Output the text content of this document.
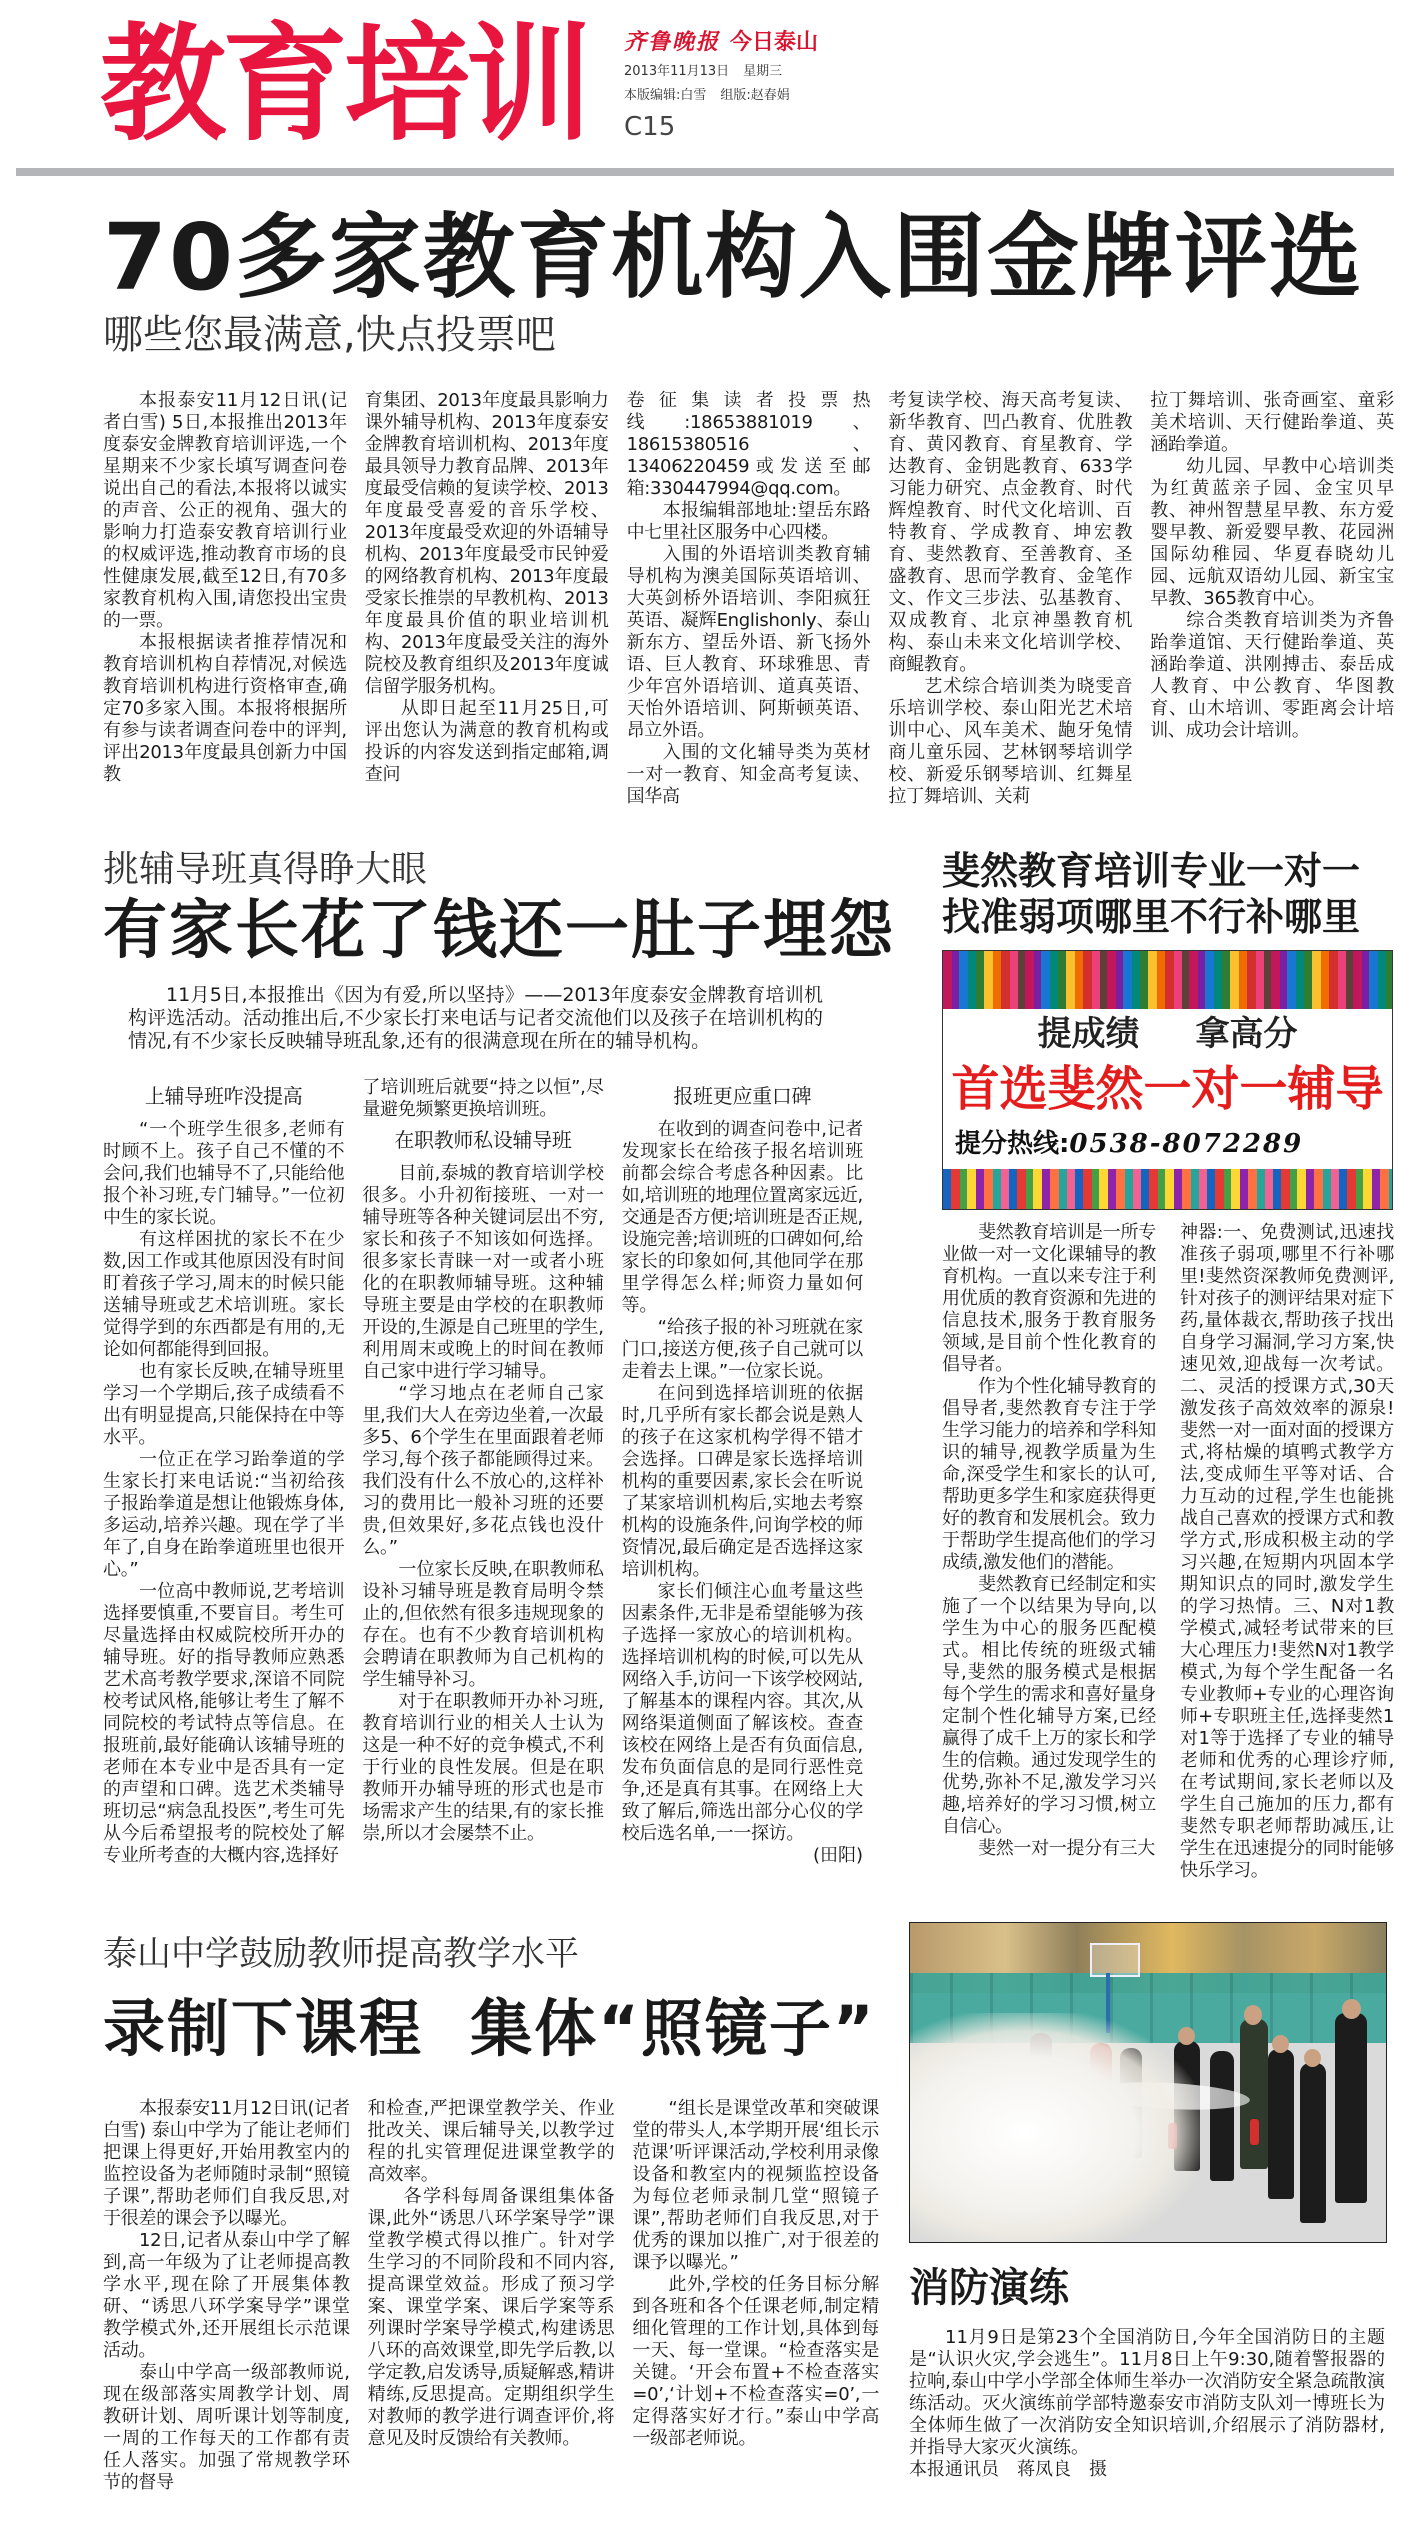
教育培训 齐鲁晚报 今日泰山
2013年11月13日 星期三
本版编辑:白雪 组版:赵春娟
C15
70多家教育机构入围金牌评选
哪些您最满意,快点投票吧

本报泰安11月12日讯(记者白雪) 5日,本报推出2013年度泰安金牌教育培训评选,一个星期来不少家长填写调查问卷说出自己的看法,本报将以诚实的声音、公正的视角、强大的影响力打造泰安教育培训行业的权威评选,推动教育市场的良性健康发展,截至12日,有70多家教育机构入围,请您投出宝贵的一票。

本报根据读者推荐情况和教育培训机构自荐情况,对候选教育培训机构进行资格审查,确定70多家入围。本报将根据所有参与读者调查问卷中的评判,评出2013年度最具创新力中国教

育集团、2013年度最具影响力课外辅导机构、2013年度泰安金牌教育培训机构、2013年度最具领导力教育品牌、2013年度最受信赖的复读学校、2013年度最受喜爱的音乐学校、2013年度最受欢迎的外语辅导机构、2013年度最受市民钟爱的网络教育机构、2013年度最受家长推崇的早教机构、2013年度最具价值的职业培训机构、2013年度最受关注的海外院校及教育组织及2013年度诚信留学服务机构。

从即日起至11月25日,可评出您认为满意的教育机构或投诉的内容发送到指定邮箱,调查问

卷征集读者投票热线:18653881019、18615380516、13406220459或发送至邮箱:330447994@qq.com。

本报编辑部地址:望岳东路中七里社区服务中心四楼。

入围的外语培训类教育辅导机构为澳美国际英语培训、大英剑桥外语培训、李阳疯狂英语、凝辉Englishonly、泰山新东方、望岳外语、新飞扬外语、巨人教育、环球雅思、青少年宫外语培训、道真英语、天怡外语培训、阿斯顿英语、昂立外语。

入围的文化辅导类为英材一对一教育、知金高考复读、国华高

考复读学校、海天高考复读、新华教育、凹凸教育、优胜教育、黄冈教育、育星教育、学达教育、金钥匙教育、633学习能力研究、点金教育、时代辉煌教育、时代文化培训、百特教育、学成教育、坤宏教育、斐然教育、至善教育、圣盛教育、思而学教育、金笔作文、作文三步法、弘基教育、双成教育、北京神墨教育机构、泰山未来文化培训学校、商鲲教育。

艺术综合培训类为晓雯音乐培训学校、泰山阳光艺术培训中心、风车美术、龅牙兔情商儿童乐园、艺林钢琴培训学校、新爱乐钢琴培训、红舞星拉丁舞培训、关莉

拉丁舞培训、张奇画室、童彩美术培训、天行健跆拳道、英涵跆拳道。

幼儿园、早教中心培训类为红黄蓝亲子园、金宝贝早教、神州智慧星早教、东方爱婴早教、新爱婴早教、花园洲国际幼稚园、华夏春晓幼儿园、远航双语幼儿园、新宝宝早教、365教育中心。

综合类教育培训类为齐鲁跆拳道馆、天行健跆拳道、英涵跆拳道、洪刚搏击、泰岳成人教育、中公教育、华图教育、山木培训、零距离会计培训、成功会计培训。

挑辅导班真得睁大眼
有家长花了钱还一肚子埋怨

11月5日,本报推出《因为有爱,所以坚持》——2013年度泰安金牌教育培训机构评选活动。活动推出后,不少家长打来电话与记者交流他们以及孩子在培训机构的情况,有不少家长反映辅导班乱象,还有的很满意现在所在的辅导机构。

上辅导班咋没提高

“一个班学生很多,老师有时顾不上。孩子自己不懂的不会问,我们也辅导不了,只能给他报个补习班,专门辅导。”一位初中生的家长说。

有这样困扰的家长不在少数,因工作或其他原因没有时间盯着孩子学习,周末的时候只能送辅导班或艺术培训班。家长觉得学到的东西都是有用的,无论如何都能得到回报。

也有家长反映,在辅导班里学习一个学期后,孩子成绩看不出有明显提高,只能保持在中等水平。

一位正在学习跆拳道的学生家长打来电话说:“当初给孩子报跆拳道是想让他锻炼身体,多运动,培养兴趣。现在学了半年了,自身在跆拳道班里也很开心。”

一位高中教师说,艺考培训选择要慎重,不要盲目。考生可尽量选择由权威院校所开办的辅导班。好的指导教师应熟悉艺术高考教学要求,深谙不同院校考试风格,能够让考生了解不同院校的考试特点等信息。在报班前,最好能确认该辅导班的老师在本专业中是否具有一定的声望和口碑。选艺术类辅导班切忌“病急乱投医”,考生可先从今后希望报考的院校处了解专业所考查的大概内容,选择好

了培训班后就要“持之以恒”,尽量避免频繁更换培训班。

在职教师私设辅导班

目前,泰城的教育培训学校很多。小升初衔接班、一对一辅导班等各种关键词层出不穷,家长和孩子不知该如何选择。很多家长青睐一对一或者小班化的在职教师辅导班。这种辅导班主要是由学校的在职教师开设的,生源是自己班里的学生,利用周末或晚上的时间在教师自己家中进行学习辅导。

“学习地点在老师自己家里,我们大人在旁边坐着,一次最多5、6个学生在里面跟着老师学习,每个孩子都能顾得过来。我们没有什么不放心的,这样补习的费用比一般补习班的还要贵,但效果好,多花点钱也没什么。”

一位家长反映,在职教师私设补习辅导班是教育局明令禁止的,但依然有很多违规现象的存在。也有不少教育培训机构会聘请在职教师为自己机构的学生辅导补习。

对于在职教师开办补习班,教育培训行业的相关人士认为这是一种不好的竞争模式,不利于行业的良性发展。但是在职教师开办辅导班的形式也是市场需求产生的结果,有的家长推崇,所以才会屡禁不止。

报班更应重口碑

在收到的调查问卷中,记者发现家长在给孩子报名培训班前都会综合考虑各种因素。比如,培训班的地理位置离家远近,交通是否方便;培训班是否正规,设施完善;培训班的口碑如何,给家长的印象如何,其他同学在那里学得怎么样;师资力量如何等。

“给孩子报的补习班就在家门口,接送方便,孩子自己就可以走着去上课。”一位家长说。

在问到选择培训班的依据时,几乎所有家长都会说是熟人的孩子在这家机构学得不错才会选择。口碑是家长选择培训机构的重要因素,家长会在听说了某家培训机构后,实地去考察机构的设施条件,问询学校的师资情况,最后确定是否选择这家培训机构。

家长们倾注心血考量这些因素条件,无非是希望能够为孩子选择一家放心的培训机构。选择培训机构的时候,可以先从网络入手,访问一下该学校网站,了解基本的课程内容。其次,从网络渠道侧面了解该校。查查该校在网络上是否有负面信息,发布负面信息的是同行恶性竞争,还是真有其事。在网络上大致了解后,筛选出部分心仪的学校后选名单,一一探访。

(田阳)
斐然教育培训专业一对一
找准弱项哪里不行补哪里
提成绩 拿高分
首选斐然一对一辅导
提分热线:0538-8072289

斐然教育培训是一所专业做一对一文化课辅导的教育机构。一直以来专注于利用优质的教育资源和先进的信息技术,服务于教育服务领域,是目前个性化教育的倡导者。

作为个性化辅导教育的倡导者,斐然教育专注于学生学习能力的培养和学科知识的辅导,视教学质量为生命,深受学生和家长的认可,帮助更多学生和家庭获得更好的教育和发展机会。致力于帮助学生提高他们的学习成绩,激发他们的潜能。

斐然教育已经制定和实施了一个以结果为导向,以学生为中心的服务匹配模式。相比传统的班级式辅导,斐然的服务模式是根据每个学生的需求和喜好量身定制个性化辅导方案,已经赢得了成千上万的家长和学生的信赖。通过发现学生的优势,弥补不足,激发学习兴趣,培养好的学习习惯,树立自信心。

斐然一对一提分有三大

神器:一、免费测试,迅速找准孩子弱项,哪里不行补哪里!斐然资深教师免费测评,针对孩子的测评结果对症下药,量体裁衣,帮助孩子找出自身学习漏洞,学习方案,快速见效,迎战每一次考试。二、灵活的授课方式,30天激发孩子高效效率的源泉!斐然一对一面对面的授课方式,将枯燥的填鸭式教学方法,变成师生平等对话、合力互动的过程,学生也能挑战自己喜欢的授课方式和教学方式,形成积极主动的学习兴趣,在短期内巩固本学期知识点的同时,激发学生的学习热情。三、N对1教学模式,减轻考试带来的巨大心理压力!斐然N对1教学模式,为每个学生配备一名专业教师+专业的心理咨询师+专职班主任,选择斐然1对1等于选择了专业的辅导老师和优秀的心理诊疗师,在考试期间,家长老师以及学生自己施加的压力,都有斐然专职老师帮助减压,让学生在迅速提分的同时能够快乐学习。

泰山中学鼓励教师提高教学水平
录制下课程  集体“照镜子”

本报泰安11月12日讯(记者白雪) 泰山中学为了能让老师们把课上得更好,开始用教室内的监控设备为老师随时录制“照镜子课”,帮助老师们自我反思,对于很差的课会予以曝光。

12日,记者从泰山中学了解到,高一年级为了让老师提高教学水平,现在除了开展集体教研、“诱思八环学案导学”课堂教学模式外,还开展组长示范课活动。

泰山中学高一级部教师说,现在级部落实周教学计划、周教研计划、周听课计划等制度,一周的工作每天的工作都有责任人落实。加强了常规教学环节的督导

和检查,严把课堂教学关、作业批改关、课后辅导关,以教学过程的扎实管理促进课堂教学的高效率。

各学科每周备课组集体备课,此外“诱思八环学案导学”课堂教学模式得以推广。针对学生学习的不同阶段和不同内容,提高课堂效益。形成了预习学案、课堂学案、课后学案等系列课时学案导学模式,构建诱思八环的高效课堂,即先学后教,以学定教,启发诱导,质疑解惑,精讲精练,反思提高。定期组织学生对教师的教学进行调查评价,将意见及时反馈给有关教师。

“组长是课堂改革和突破课堂的带头人,本学期开展‘组长示范课’听评课活动,学校利用录像设备和教室内的视频监控设备为每位老师录制几堂“照镜子课”,帮助老师们自我反思,对于优秀的课加以推广,对于很差的课予以曝光。”

此外,学校的任务目标分解到各班和各个任课老师,制定精细化管理的工作计划,具体到每一天、每一堂课。“检查落实是关键。‘开会布置+不检查落实=0’,‘计划+不检查落实=0’,一定得落实好才行。”泰山中学高一级部老师说。

消防演练

11月9日是第23个全国消防日,今年全国消防日的主题是“认识火灾,学会逃生”。11月8日上午9:30,随着警报器的拉响,泰山中学小学部全体师生举办一次消防安全紧急疏散演练活动。灭火演练前学部特邀泰安市消防支队刘一博班长为全体师生做了一次消防安全知识培训,介绍展示了消防器材,并指导大家灭火演练。

本报通讯员　蒋凤良　摄
